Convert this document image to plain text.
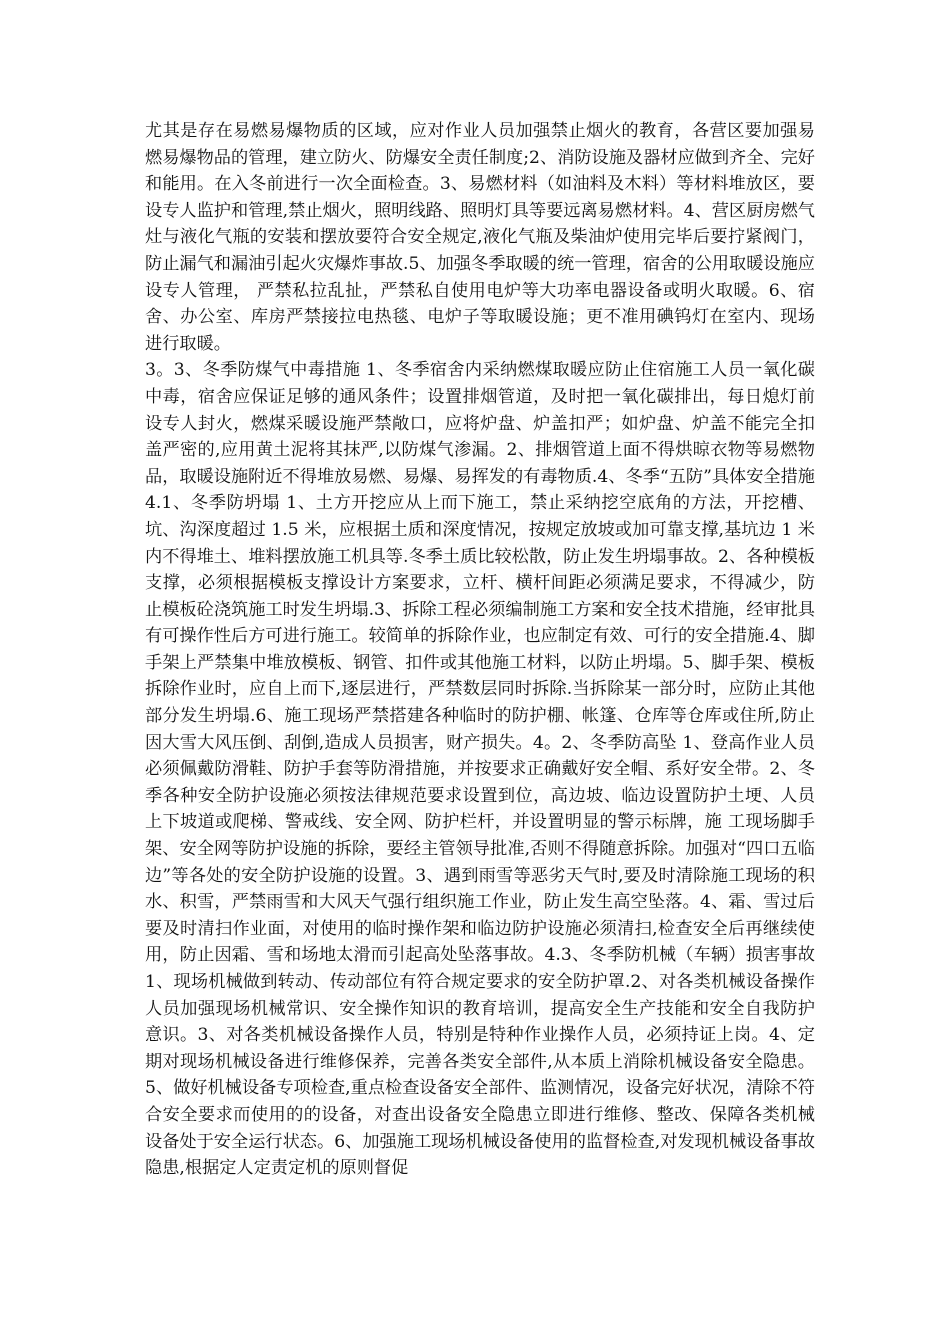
尤其是存在易燃易爆物质的区域，应对作业人员加强禁止烟火的教育，各营区要加强易燃易爆物品的管理，建立防火、防爆安全责任制度;2、消防设施及器材应做到齐全、完好和能用。在入冬前进行一次全面检查。3、易燃材料（如油料及木料）等材料堆放区，要设专人监护和管理,禁止烟火，照明线路、照明灯具等要远离易燃材料。4、营区厨房燃气灶与液化气瓶的安装和摆放要符合安全规定,液化气瓶及柴油炉使用完毕后要拧紧阀门，防止漏气和漏油引起火灾爆炸事故.5、加强冬季取暖的统一管理，宿舍的公用取暖设施应设专人管理， 严禁私拉乱扯，严禁私自使用电炉等大功率电器设备或明火取暖。6、宿舍、办公室、库房严禁接拉电热毯、电炉子等取暖设施；更不准用碘钨灯在室内、现场进行取暖。

3。3、冬季防煤气中毒措施 1、冬季宿舍内采纳燃煤取暖应防止住宿施工人员一氧化碳中毒，宿舍应保证足够的通风条件；设置排烟管道，及时把一氧化碳排出，每日熄灯前设专人封火，燃煤采暖设施严禁敞口，应将炉盘、炉盖扣严；如炉盘、炉盖不能完全扣盖严密的,应用黄土泥将其抹严,以防煤气渗漏。2、排烟管道上面不得烘晾衣物等易燃物品，取暖设施附近不得堆放易燃、易爆、易挥发的有毒物质.4、冬季“五防”具体安全措施 4.1、冬季防坍塌 1、土方开挖应从上而下施工，禁止采纳挖空底角的方法，开挖槽、坑、沟深度超过 1.5 米，应根据土质和深度情况，按规定放坡或加可靠支撑,基坑边 1 米内不得堆土、堆料摆放施工机具等.冬季土质比较松散，防止发生坍塌事故。2、各种模板支撑，必须根据模板支撑设计方案要求，立杆、横杆间距必须满足要求，不得减少，防止模板砼浇筑施工时发生坍塌.3、拆除工程必须编制施工方案和安全技术措施，经审批具有可操作性后方可进行施工。较简单的拆除作业，也应制定有效、可行的安全措施.4、脚手架上严禁集中堆放模板、钢管、扣件或其他施工材料，以防止坍塌。5、脚手架、模板拆除作业时，应自上而下,逐层进行，严禁数层同时拆除.当拆除某一部分时，应防止其他部分发生坍塌.6、施工现场严禁搭建各种临时的防护棚、帐篷、仓库等仓库或住所,防止因大雪大风压倒、刮倒,造成人员损害，财产损失。4。2、冬季防高坠 1、登高作业人员必须佩戴防滑鞋、防护手套等防滑措施，并按要求正确戴好安全帽、系好安全带。2、冬季各种安全防护设施必须按法律规范要求设置到位，高边坡、临边设置防护土埂、人员上下坡道或爬梯、警戒线、安全网、防护栏杆，并设置明显的警示标牌，施 工现场脚手架、安全网等防护设施的拆除，要经主管领导批准,否则不得随意拆除。加强对“四口五临边”等各处的安全防护设施的设置。3、遇到雨雪等恶劣天气时,要及时清除施工现场的积水、积雪，严禁雨雪和大风天气强行组织施工作业，防止发生高空坠落。4、霜、雪过后要及时清扫作业面，对使用的临时操作架和临边防护设施必须清扫,检查安全后再继续使用，防止因霜、雪和场地太滑而引起高处坠落事故。4.3、冬季防机械（车辆）损害事故 1、现场机械做到转动、传动部位有符合规定要求的安全防护罩.2、对各类机械设备操作人员加强现场机械常识、安全操作知识的教育培训，提高安全生产技能和安全自我防护意识。3、对各类机械设备操作人员，特别是特种作业操作人员，必须持证上岗。4、定期对现场机械设备进行维修保养，完善各类安全部件,从本质上消除机械设备安全隐患。5、做好机械设备专项检查,重点检查设备安全部件、监测情况，设备完好状况，清除不符合安全要求而使用的的设备，对查出设备安全隐患立即进行维修、整改、保障各类机械设备处于安全运行状态。6、加强施工现场机械设备使用的监督检查,对发现机械设备事故隐患,根据定人定责定机的原则督促
